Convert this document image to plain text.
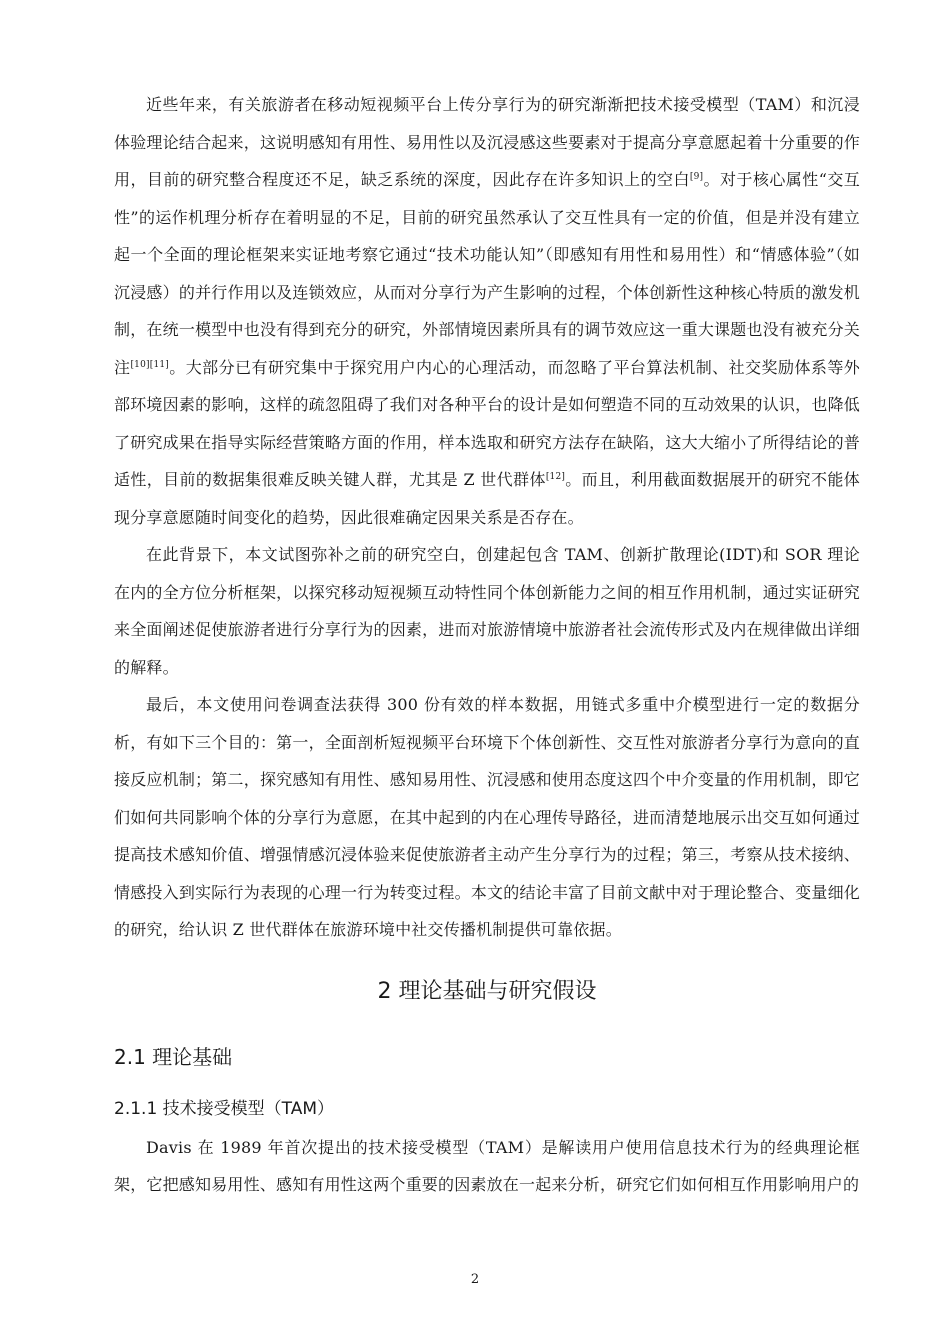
近些年来，有关旅游者在移动短视频平台上传分享行为的研究渐渐把技术接受模型（TAM）和沉浸体验理论结合起来，这说明感知有用性、易用性以及沉浸感这些要素对于提高分享意愿起着十分重要的作用，目前的研究整合程度还不足，缺乏系统的深度，因此存在许多知识上的空白[9]。对于核心属性“交互性”的运作机理分析存在着明显的不足，目前的研究虽然承认了交互性具有一定的价值，但是并没有建立起一个全面的理论框架来实证地考察它通过“技术功能认知”（即感知有用性和易用性）和“情感体验”（如沉浸感）的并行作用以及连锁效应，从而对分享行为产生影响的过程，个体创新性这种核心特质的激发机制，在统一模型中也没有得到充分的研究，外部情境因素所具有的调节效应这一重大课题也没有被充分关注[10][11]。大部分已有研究集中于探究用户内心的心理活动，而忽略了平台算法机制、社交奖励体系等外部环境因素的影响，这样的疏忽阻碍了我们对各种平台的设计是如何塑造不同的互动效果的认识，也降低了研究成果在指导实际经营策略方面的作用，样本选取和研究方法存在缺陷，这大大缩小了所得结论的普适性，目前的数据集很难反映关键人群，尤其是 Z 世代群体[12]。而且，利用截面数据展开的研究不能体现分享意愿随时间变化的趋势，因此很难确定因果关系是否存在。

在此背景下，本文试图弥补之前的研究空白，创建起包含 TAM、创新扩散理论(IDT)和 SOR 理论在内的全方位分析框架，以探究移动短视频互动特性同个体创新能力之间的相互作用机制，通过实证研究来全面阐述促使旅游者进行分享行为的因素，进而对旅游情境中旅游者社会流传形式及内在规律做出详细的解释。

最后，本文使用问卷调查法获得 300 份有效的样本数据，用链式多重中介模型进行一定的数据分析，有如下三个目的：第一，全面剖析短视频平台环境下个体创新性、交互性对旅游者分享行为意向的直接反应机制；第二，探究感知有用性、感知易用性、沉浸感和使用态度这四个中介变量的作用机制，即它们如何共同影响个体的分享行为意愿，在其中起到的内在心理传导路径，进而清楚地展示出交互如何通过提高技术感知价值、增强情感沉浸体验来促使旅游者主动产生分享行为的过程；第三，考察从技术接纳、情感投入到实际行为表现的心理一行为转变过程。本文的结论丰富了目前文献中对于理论整合、变量细化的研究，给认识 Z 世代群体在旅游环境中社交传播机制提供可靠依据。

2 理论基础与研究假设
2.1 理论基础
2.1.1 技术接受模型（TAM）

Davis 在 1989 年首次提出的技术接受模型（TAM）是解读用户使用信息技术行为的经典理论框架，它把感知易用性、感知有用性这两个重要的因素放在一起来分析，研究它们如何相互作用影响用户的

2
